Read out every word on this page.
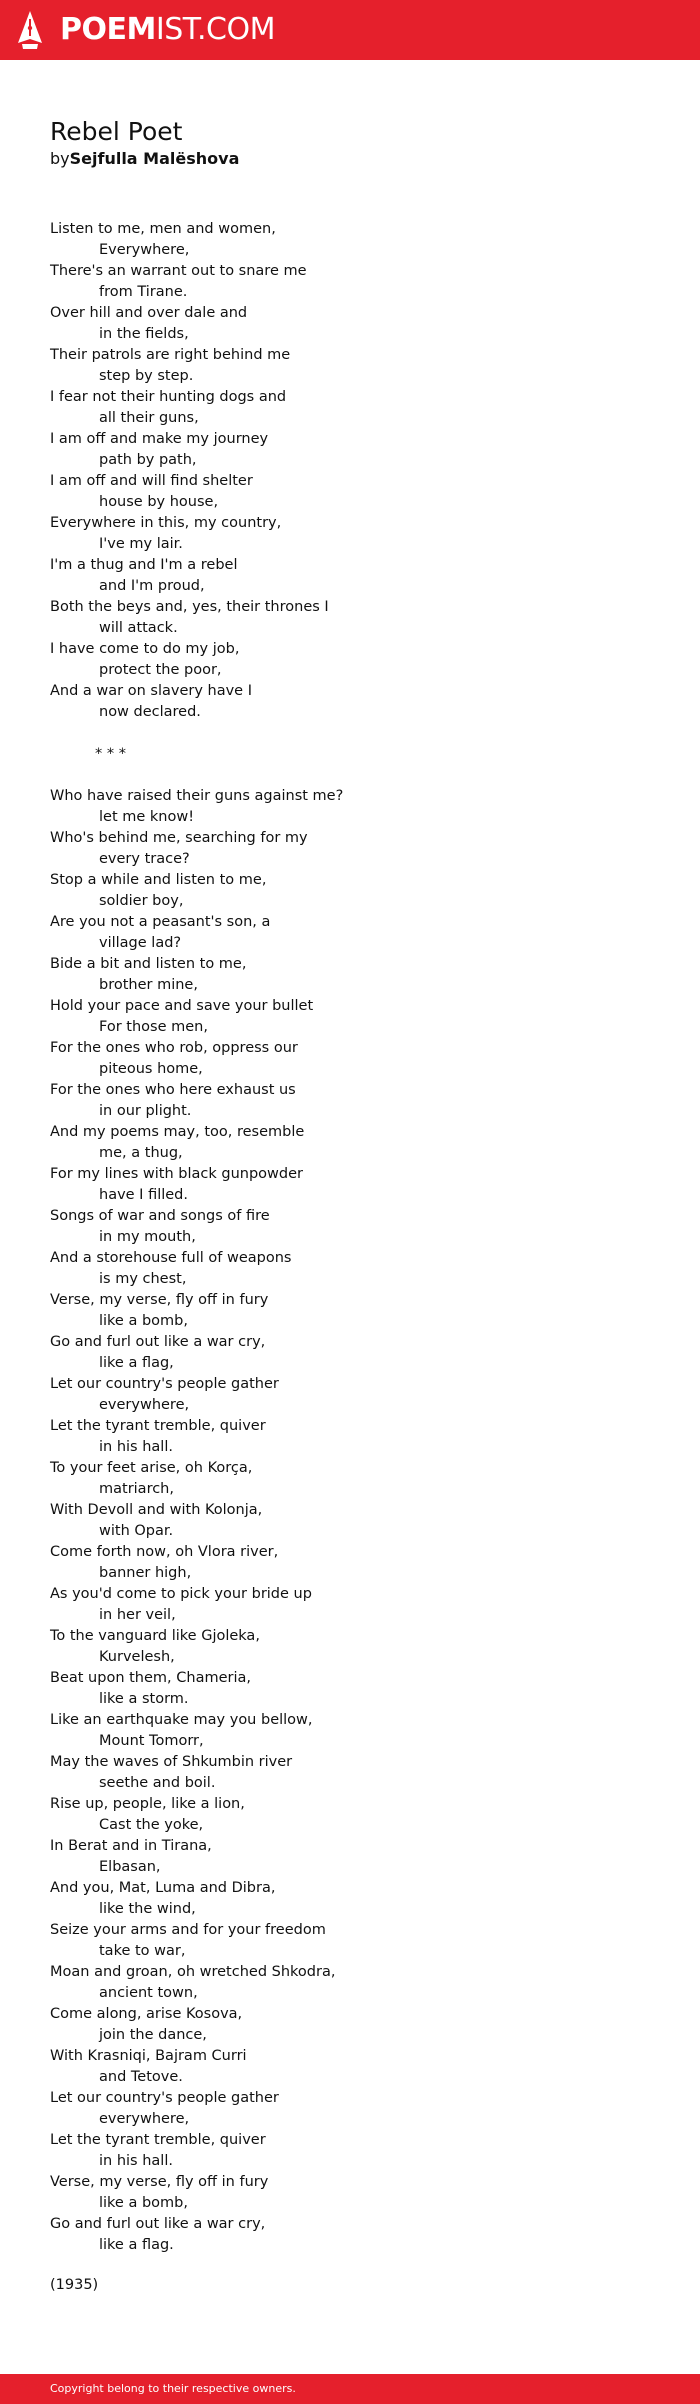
POEMIST.COM
Rebel Poet
bySejfulla Malëshova
Listen to me, men and women,
Everywhere,
There's an warrant out to snare me
from Tirane.
Over hill and over dale and
in the fields,
Their patrols are right behind me
step by step.
I fear not their hunting dogs and
all their guns,
I am off and make my journey
path by path,
I am off and will find shelter
house by house,
Everywhere in this, my country,
I've my lair.
I'm a thug and I'm a rebel
and I'm proud,
Both the beys and, yes, their thrones I
will attack.
I have come to do my job,
protect the poor,
And a war on slavery have I
now declared.
* * *
Who have raised their guns against me?
let me know!
Who's behind me, searching for my
every trace?
Stop a while and listen to me,
soldier boy,
Are you not a peasant's son, a
village lad?
Bide a bit and listen to me,
brother mine,
Hold your pace and save your bullet
For those men,
For the ones who rob, oppress our
piteous home,
For the ones who here exhaust us
in our plight.
And my poems may, too, resemble
me, a thug,
For my lines with black gunpowder
have I filled.
Songs of war and songs of fire
in my mouth,
And a storehouse full of weapons
is my chest,
Verse, my verse, fly off in fury
like a bomb,
Go and furl out like a war cry,
like a flag,
Let our country's people gather
everywhere,
Let the tyrant tremble, quiver
in his hall.
To your feet arise, oh Korça,
matriarch,
With Devoll and with Kolonja,
with Opar.
Come forth now, oh Vlora river,
banner high,
As you'd come to pick your bride up
in her veil,
To the vanguard like Gjoleka,
Kurvelesh,
Beat upon them, Chameria,
like a storm.
Like an earthquake may you bellow,
Mount Tomorr,
May the waves of Shkumbin river
seethe and boil.
Rise up, people, like a lion,
Cast the yoke,
In Berat and in Tirana,
Elbasan,
And you, Mat, Luma and Dibra,
like the wind,
Seize your arms and for your freedom
take to war,
Moan and groan, oh wretched Shkodra,
ancient town,
Come along, arise Kosova,
join the dance,
With Krasniqi, Bajram Curri
and Tetove.
Let our country's people gather
everywhere,
Let the tyrant tremble, quiver
in his hall.
Verse, my verse, fly off in fury
like a bomb,
Go and furl out like a war cry,
like a flag.
(1935)
Copyright belong to their respective owners.
